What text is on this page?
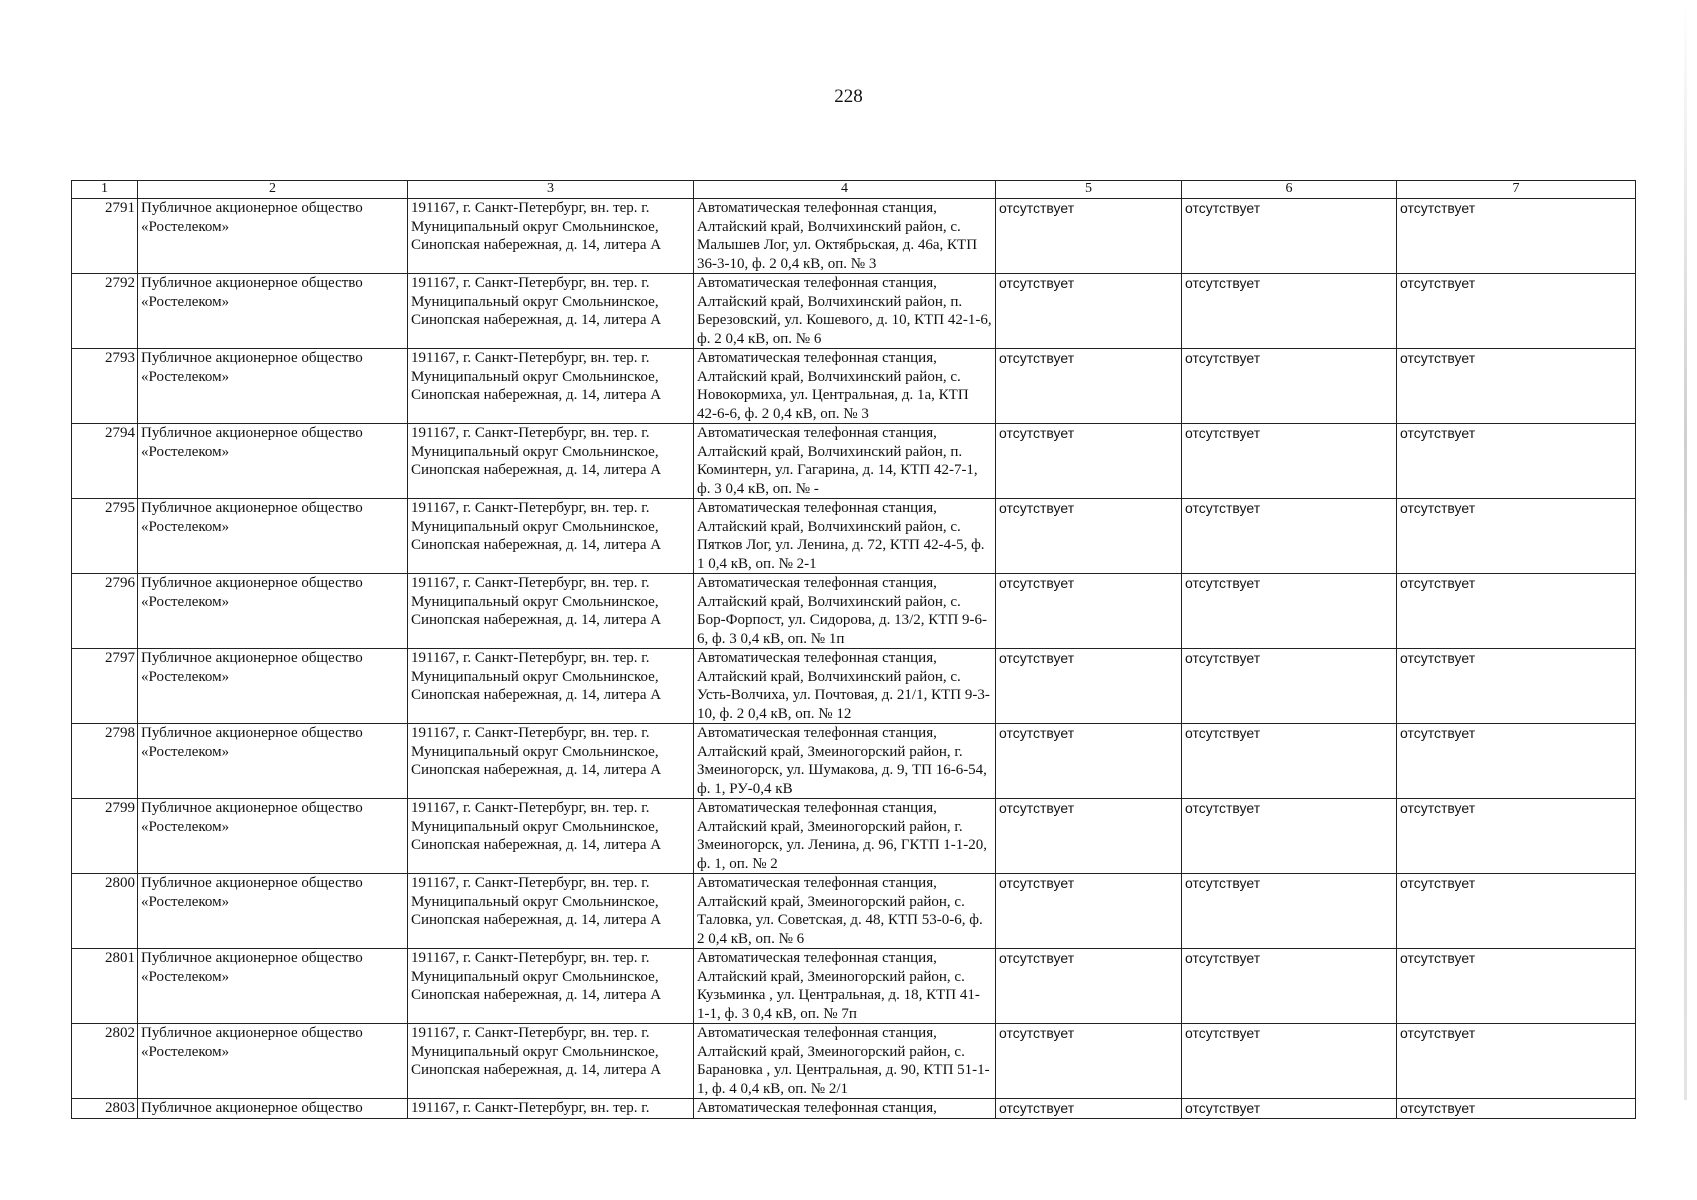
228
1	2	3	4	5	6	7
2791	Публичное акционерное общество «Ростелеком»	191167, г. Санкт-Петербург, вн. тер. г. Муниципальный округ Смольнинское, Синопская набережная, д. 14, литера А	Автоматическая телефонная станция, Алтайский край, Волчихинский район, с. Малышев Лог, ул. Октябрьская, д. 46а, КТП 36-3-10, ф. 2 0,4 кВ, оп. № 3	отсутствует	отсутствует	отсутствует
2792	Публичное акционерное общество «Ростелеком»	191167, г. Санкт-Петербург, вн. тер. г. Муниципальный округ Смольнинское, Синопская набережная, д. 14, литера А	Автоматическая телефонная станция, Алтайский край, Волчихинский район, п. Березовский, ул. Кошевого, д. 10, КТП 42-1-6, ф. 2 0,4 кВ, оп. № 6	отсутствует	отсутствует	отсутствует
2793	Публичное акционерное общество «Ростелеком»	191167, г. Санкт-Петербург, вн. тер. г. Муниципальный округ Смольнинское, Синопская набережная, д. 14, литера А	Автоматическая телефонная станция, Алтайский край, Волчихинский район, с. Новокормиха, ул. Центральная, д. 1а, КТП 42-6-6, ф. 2 0,4 кВ, оп. № 3	отсутствует	отсутствует	отсутствует
2794	Публичное акционерное общество «Ростелеком»	191167, г. Санкт-Петербург, вн. тер. г. Муниципальный округ Смольнинское, Синопская набережная, д. 14, литера А	Автоматическая телефонная станция, Алтайский край, Волчихинский район, п. Коминтерн, ул. Гагарина, д. 14, КТП 42-7-1, ф. 3 0,4 кВ, оп. № -	отсутствует	отсутствует	отсутствует
2795	Публичное акционерное общество «Ростелеком»	191167, г. Санкт-Петербург, вн. тер. г. Муниципальный округ Смольнинское, Синопская набережная, д. 14, литера А	Автоматическая телефонная станция, Алтайский край, Волчихинский район, с. Пятков Лог, ул. Ленина, д. 72, КТП 42-4-5, ф. 1 0,4 кВ, оп. № 2-1	отсутствует	отсутствует	отсутствует
2796	Публичное акционерное общество «Ростелеком»	191167, г. Санкт-Петербург, вн. тер. г. Муниципальный округ Смольнинское, Синопская набережная, д. 14, литера А	Автоматическая телефонная станция, Алтайский край, Волчихинский район, с. Бор-Форпост, ул. Сидорова, д. 13/2, КТП 9-6-6, ф. 3 0,4 кВ, оп. № 1п	отсутствует	отсутствует	отсутствует
2797	Публичное акционерное общество «Ростелеком»	191167, г. Санкт-Петербург, вн. тер. г. Муниципальный округ Смольнинское, Синопская набережная, д. 14, литера А	Автоматическая телефонная станция, Алтайский край, Волчихинский район, с. Усть-Волчиха, ул. Почтовая, д. 21/1, КТП 9-3-10, ф. 2 0,4 кВ, оп. № 12	отсутствует	отсутствует	отсутствует
2798	Публичное акционерное общество «Ростелеком»	191167, г. Санкт-Петербург, вн. тер. г. Муниципальный округ Смольнинское, Синопская набережная, д. 14, литера А	Автоматическая телефонная станция, Алтайский край, Змеиногорский район, г. Змеиногорск, ул. Шумакова, д. 9, ТП 16-6-54, ф. 1, РУ-0,4 кВ	отсутствует	отсутствует	отсутствует
2799	Публичное акционерное общество «Ростелеком»	191167, г. Санкт-Петербург, вн. тер. г. Муниципальный округ Смольнинское, Синопская набережная, д. 14, литера А	Автоматическая телефонная станция, Алтайский край, Змеиногорский район, г. Змеиногорск, ул. Ленина, д. 96, ГКТП 1-1-20, ф. 1, оп. № 2	отсутствует	отсутствует	отсутствует
2800	Публичное акционерное общество «Ростелеком»	191167, г. Санкт-Петербург, вн. тер. г. Муниципальный округ Смольнинское, Синопская набережная, д. 14, литера А	Автоматическая телефонная станция, Алтайский край, Змеиногорский район, с. Таловка, ул. Советская, д. 48, КТП 53-0-6, ф. 2 0,4 кВ, оп. № 6	отсутствует	отсутствует	отсутствует
2801	Публичное акционерное общество «Ростелеком»	191167, г. Санкт-Петербург, вн. тер. г. Муниципальный округ Смольнинское, Синопская набережная, д. 14, литера А	Автоматическая телефонная станция, Алтайский край, Змеиногорский район, с. Кузьминка , ул. Центральная, д. 18, КТП 41-1-1, ф. 3 0,4 кВ, оп. № 7п	отсутствует	отсутствует	отсутствует
2802	Публичное акционерное общество «Ростелеком»	191167, г. Санкт-Петербург, вн. тер. г. Муниципальный округ Смольнинское, Синопская набережная, д. 14, литера А	Автоматическая телефонная станция, Алтайский край, Змеиногорский район, с. Барановка , ул. Центральная, д. 90, КТП 51-1-1, ф. 4 0,4 кВ, оп. № 2/1	отсутствует	отсутствует	отсутствует
2803	Публичное акционерное общество	191167, г. Санкт-Петербург, вн. тер. г.	Автоматическая телефонная станция,	отсутствует	отсутствует	отсутствует
